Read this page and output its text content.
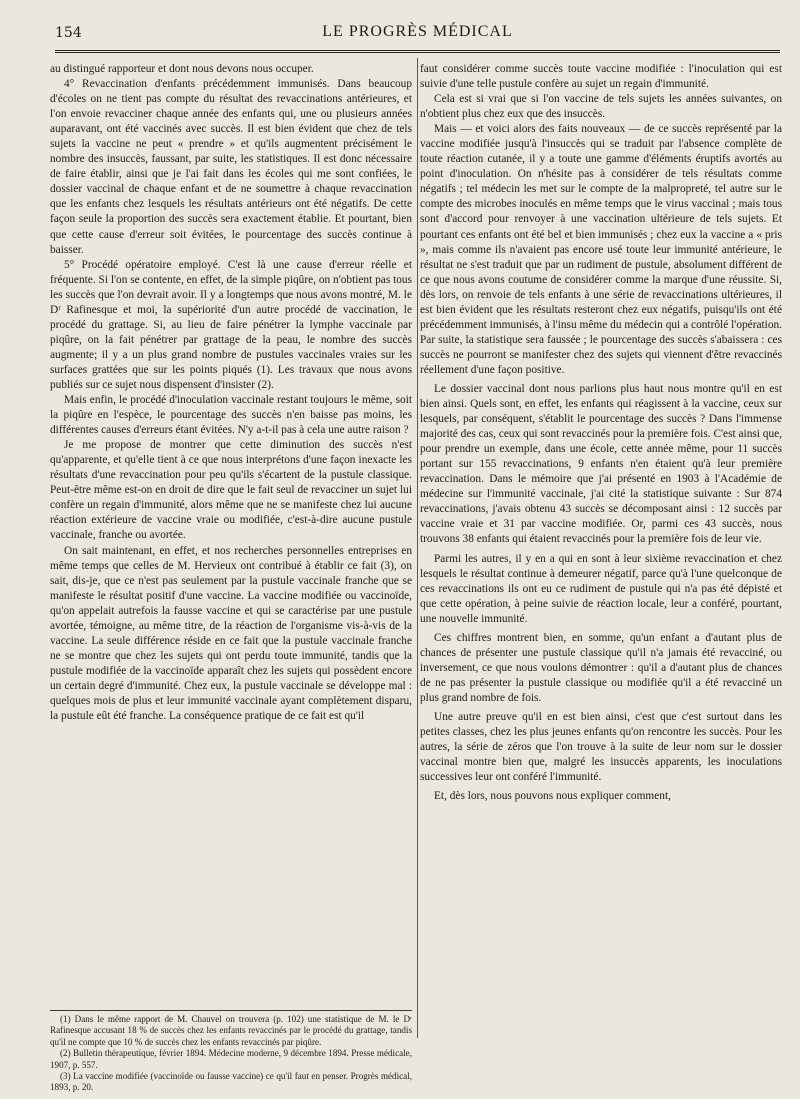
154	LE PROGRÈS MÉDICAL

au distingué rapporteur et dont nous devons nous occuper.

4° Revaccination d'enfants précédemment immunisés. Dans beaucoup d'écoles on ne tient pas compte du résultat des revaccinations antérieures, et l'on envoie revacciner chaque année des enfants qui, une ou plusieurs années auparavant, ont été vaccinés avec succès. Il est bien évident que chez de tels sujets la vaccine ne peut « prendre » et qu'ils augmentent précisément le nombre des insuccès, faussant, par suite, les statistiques. Il est donc nécessaire de faire établir, ainsi que je l'ai fait dans les écoles qui me sont confiées, le dossier vaccinal de chaque enfant et de ne soumettre à chaque revaccination que les enfants chez lesquels les résultats antérieurs ont été négatifs. De cette façon seule la proportion des succès sera exactement établie. Et pourtant, bien que cette cause d'erreur soit évitées, le pourcentage des succès continue à baisser.

5° Procédé opératoire employé. C'est là une cause d'erreur réelle et fréquente. Si l'on se contente, en effet, de la simple piqûre, on n'obtient pas tous les succès que l'on devrait avoir. Il y a longtemps que nous avons montré, M. le Dʳ Rafinesque et moi, la supériorité d'un autre procédé de vaccination, le procédé du grattage. Si, au lieu de faire pénétrer la lymphe vaccinale par piqûre, on la fait pénétrer par grattage de la peau, le nombre des succès augmente; il y a un plus grand nombre de pustules vaccinales vraies sur les surfaces grattées que sur les points piqués (1). Les travaux que nous avons publiés sur ce sujet nous dispensent d'insister (2).

Mais enfin, le procédé d'inoculation vaccinale restant toujours le même, soit la piqûre en l'espèce, le pourcentage des succès n'en baisse pas moins, les différentes causes d'erreurs étant évitées. N'y a-t-il pas à cela une autre raison ?

Je me propose de montrer que cette diminution des succès n'est qu'apparente, et qu'elle tient à ce que nous interprétons d'une façon inexacte les résultats d'une revaccination pour peu qu'ils s'écartent de la pustule classique. Peut-être même est-on en droit de dire que le fait seul de revacciner un sujet lui confère un regain d'immunité, alors même que ne se manifeste chez lui aucune réaction extérieure de vaccine vraie ou modifiée, c'est-à-dire aucune pustule vaccinale, franche ou avortée.

On sait maintenant, en effet, et nos recherches personnelles entreprises en même temps que celles de M. Hervieux ont contribué à établir ce fait (3), on sait, dis-je, que ce n'est pas seulement par la pustule vaccinale franche que se manifeste le résultat positif d'une vaccine. La vaccine modifiée ou vaccinoïde, qu'on appelait autrefois la fausse vaccine et qui se caractérise par une pustule avortée, témoigne, au même titre, de la réaction de l'organisme vis-à-vis de la vaccine. La seule différence réside en ce fait que la pustule vaccinale franche ne se montre que chez les sujets qui ont perdu toute immunité, tandis que la pustule modifiée de la vaccinoïde apparaît chez les sujets qui possèdent encore un certain degré d'immunité. Chez eux, la pustule vaccinale se développe mal : quelques mois de plus et leur immunité vaccinale ayant complètement disparu, la pustule eût été franche. La conséquence pratique de ce fait est qu'il

faut considérer comme succès toute vaccine modifiée : l'inoculation qui est suivie d'une telle pustule confère au sujet un regain d'immunité.

Cela est si vrai que si l'on vaccine de tels sujets les années suivantes, on n'obtient plus chez eux que des insuccès.

Mais — et voici alors des faits nouveaux — de ce succès représenté par la vaccine modifiée jusqu'à l'insuccès qui se traduit par l'absence complète de toute réaction cutanée, il y a toute une gamme d'éléments éruptifs avortés au point d'inoculation. On n'hésite pas à considérer de tels résultats comme négatifs ; tel médecin les met sur le compte de la malpropreté, tel autre sur le compte des microbes inoculés en même temps que le virus vaccinal ; mais tous sont d'accord pour renvoyer à une vaccination ultérieure de tels sujets. Et pourtant ces enfants ont été bel et bien immunisés ; chez eux la vaccine a « pris », mais comme ils n'avaient pas encore usé toute leur immunité antérieure, le résultat ne s'est traduit que par un rudiment de pustule, absolument différent de ce que nous avons coutume de considérer comme la marque d'une réussite. Si, dès lors, on renvoie de tels enfants à une série de revaccinations ultérieures, il est bien évident que les résultats resteront chez eux négatifs, puisqu'ils ont été précédemment immunisés, à l'insu même du médecin qui a contrôlé l'opération. Par suite, la statistique sera faussée ; le pourcentage des succès s'abaissera : ces succès ne pourront se manifester chez des sujets qui viennent d'être revaccinés réellement d'une façon positive.

Le dossier vaccinal dont nous parlions plus haut nous montre qu'il en est bien ainsi. Quels sont, en effet, les enfants qui réagissent à la vaccine, ceux sur lesquels, par conséquent, s'établit le pourcentage des succès ? Dans l'immense majorité des cas, ceux qui sont revaccinés pour la première fois. C'est ainsi que, pour prendre un exemple, dans une école, cette année même, pour 11 succès portant sur 155 revaccinations, 9 enfants n'en étaient qu'à leur première revaccination. Dans le mémoire que j'ai présenté en 1903 à l'Académie de médecine sur l'immunité vaccinale, j'ai cité la statistique suivante : Sur 874 revaccinations, j'avais obtenu 43 succès se décomposant ainsi : 12 succès par vaccine vraie et 31 par vaccine modifiée. Or, parmi ces 43 succès, nous trouvons 38 enfants qui étaient revaccinés pour la première fois de leur vie.

Parmi les autres, il y en a qui en sont à leur sixième revaccination et chez lesquels le résultat continue à demeurer négatif, parce qu'à l'une quelconque de ces revaccinations ils ont eu ce rudiment de pustule qui n'a pas été dépisté et que cette opération, à peine suivie de réaction locale, leur a conféré, pourtant, une nouvelle immunité.

Ces chiffres montrent bien, en somme, qu'un enfant a d'autant plus de chances de présenter une pustule classique qu'il n'a jamais été revacciné, ou inversement, ce que nous voulons démontrer : qu'il a d'autant plus de chances de ne pas présenter la pustule classique ou modifiée qu'il a été revacciné un plus grand nombre de fois.

Une autre preuve qu'il en est bien ainsi, c'est que c'est surtout dans les petites classes, chez les plus jeunes enfants qu'on rencontre les succès. Pour les autres, la série de zéros que l'on trouve à la suite de leur nom sur le dossier vaccinal montre bien que, malgré les insuccès apparents, les inoculations successives leur ont conféré l'immunité.

Et, dès lors, nous pouvons nous expliquer comment,

(1) Dans le même rapport de M. Chauvel on trouvera (p. 102) une statistique de M. le Dʳ Rafinesque accusant 18 % de succès chez les enfants revaccinés par le procédé du grattage, tandis qu'il ne compte que 10 % de succès chez les enfants revaccinés par piqûre.

(2) Bulletin thérapeutique, février 1894. Médecine moderne, 9 décembre 1894. Presse médicale, 1907, p. 557.

(3) La vaccine modifiée (vaccinoïde ou fausse vaccine) ce qu'il faut en penser. Progrès médical, 1893, p. 20.
